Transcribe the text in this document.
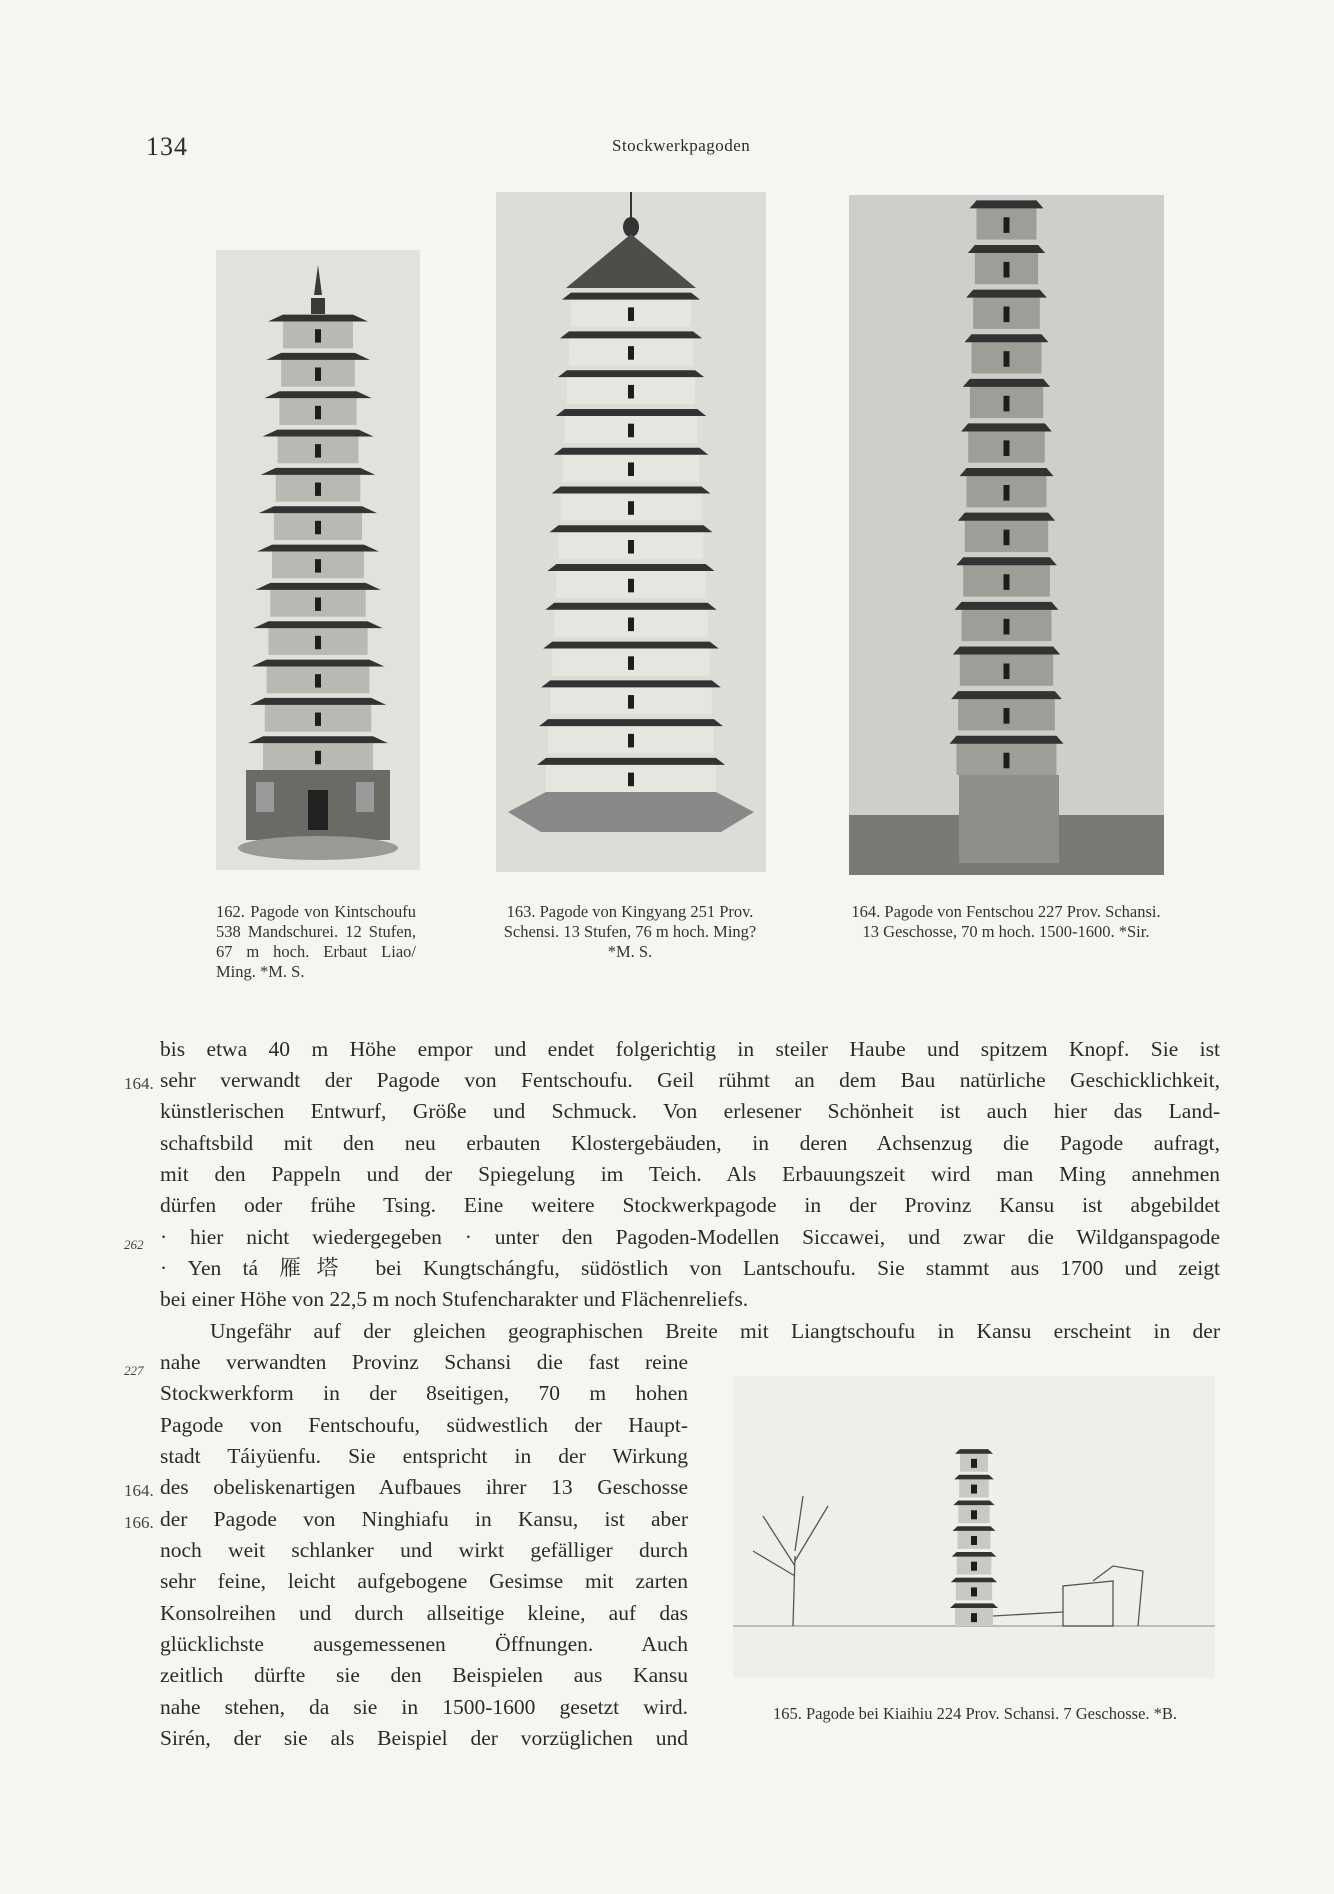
134	Stockwerkpagoden
162. Pagode von Kintschoufu 538 Mandschurei. 12 Stufen, 67 m hoch. Erbaut Liao/ Ming. *M. S.
163. Pagode von Kingyang 251 Prov. Schensi. 13 Stufen, 76 m hoch. Ming? *M. S.
164. Pagode von Fentschou 227 Prov. Schansi. 13 Geschosse, 70 m hoch. 1500-1600. *Sir.
165. Pagode bei Kiaihiu 224 Prov. Schansi. 7 Geschosse. *B.
bis etwa 40 m Höhe empor und endet folgerichtig in steiler Haube und spitzem Knopf. Sie ist
sehr verwandt der Pagode von Fentschoufu. Geil rühmt an dem Bau natürliche Geschicklichkeit,
künstlerischen Entwurf, Größe und Schmuck. Von erlesener Schönheit ist auch hier das Land-
schaftsbild mit den neu erbauten Klostergebäuden, in deren Achsenzug die Pagode aufragt,
mit den Pappeln und der Spiegelung im Teich. Als Erbauungszeit wird man Ming annehmen
dürfen oder frühe Tsing. Eine weitere Stockwerkpagode in der Provinz Kansu ist abgebildet
· hier nicht wiedergegeben · unter den Pagoden-Modellen Siccawei, und zwar die Wildganspagode
· Yen tá 雁塔 bei Kungtschángfu, südöstlich von Lantschoufu. Sie stammt aus 1700 und zeigt
bei einer Höhe von 22,5 m noch Stufencharakter und Flächenreliefs.
Ungefähr auf der gleichen geographischen Breite mit Liangtschoufu in Kansu erscheint in der
nahe verwandten Provinz Schansi die fast reine
Stockwerkform in der 8seitigen, 70 m hohen
Pagode von Fentschoufu, südwestlich der Haupt-
stadt Táiyüenfu. Sie entspricht in der Wirkung
des obeliskenartigen Aufbaues ihrer 13 Geschosse
der Pagode von Ninghiafu in Kansu, ist aber
noch weit schlanker und wirkt gefälliger durch
sehr feine, leicht aufgebogene Gesimse mit zarten
Konsolreihen und durch allseitige kleine, auf das
glücklichste ausgemessenen Öffnungen. Auch
zeitlich dürfte sie den Beispielen aus Kansu
nahe stehen, da sie in 1500-1600 gesetzt wird.
Sirén, der sie als Beispiel der vorzüglichen und
164.
262
227
164.
166.
